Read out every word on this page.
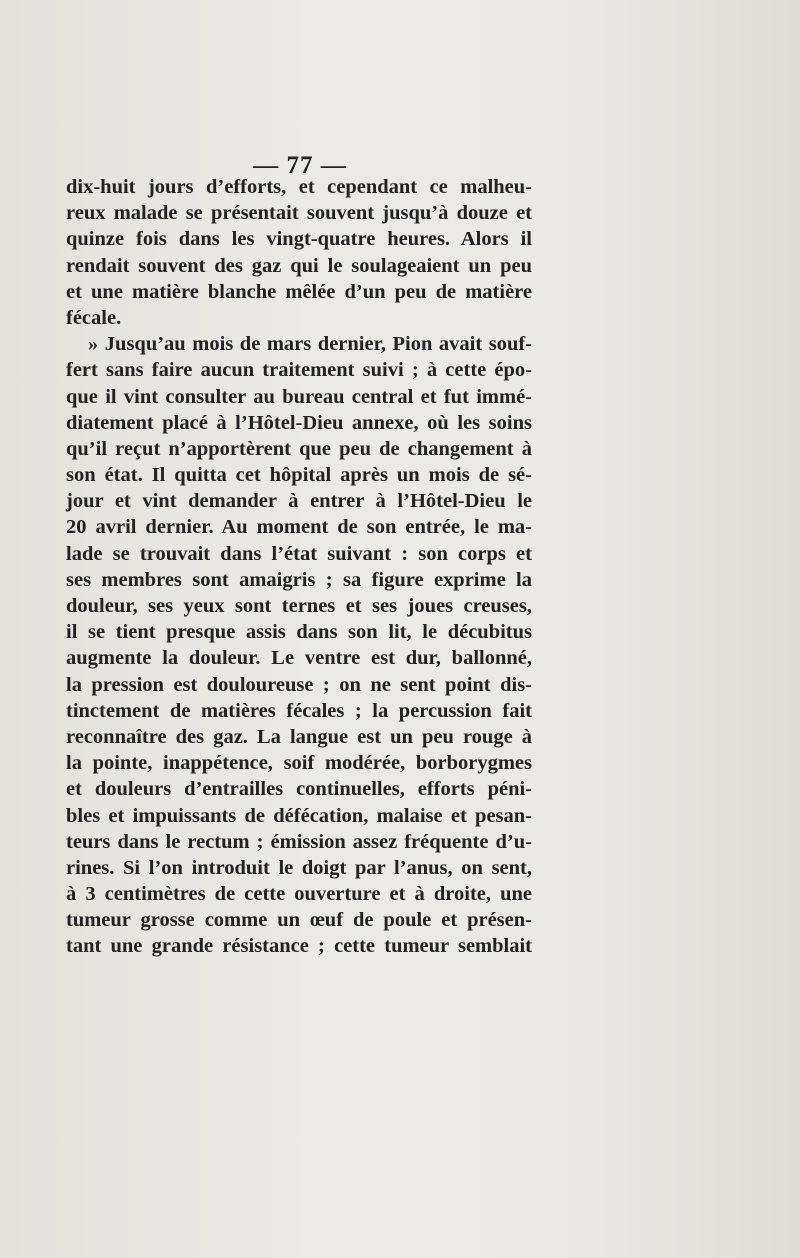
— 77 —
dix-huit jours d’efforts, et cependant ce malheu-
reux malade se présentait souvent jusqu’à douze et
quinze fois dans les vingt-quatre heures. Alors il
rendait souvent des gaz qui le soulageaient un peu
et une matière blanche mêlée d’un peu de matière
fécale.
» Jusqu’au mois de mars dernier, Pion avait souf-
fert sans faire aucun traitement suivi ; à cette épo-
que il vint consulter au bureau central et fut immé-
diatement placé à l’Hôtel-Dieu annexe, où les soins
qu’il reçut n’apportèrent que peu de changement à
son état. Il quitta cet hôpital après un mois de sé-
jour et vint demander à entrer à l’Hôtel-Dieu le
20 avril dernier. Au moment de son entrée, le ma-
lade se trouvait dans l’état suivant : son corps et
ses membres sont amaigris ; sa figure exprime la
douleur, ses yeux sont ternes et ses joues creuses,
il se tient presque assis dans son lit, le décubitus
augmente la douleur. Le ventre est dur, ballonné,
la pression est douloureuse ; on ne sent point dis-
tinctement de matières fécales ; la percussion fait
reconnaître des gaz. La langue est un peu rouge à
la pointe, inappétence, soif modérée, borborygmes
et douleurs d’entrailles continuelles, efforts péni-
bles et impuissants de défécation, malaise et pesan-
teurs dans le rectum ; émission assez fréquente d’u-
rines. Si l’on introduit le doigt par l’anus, on sent,
à 3 centimètres de cette ouverture et à droite, une
tumeur grosse comme un œuf de poule et présen-
tant une grande résistance ; cette tumeur semblait
